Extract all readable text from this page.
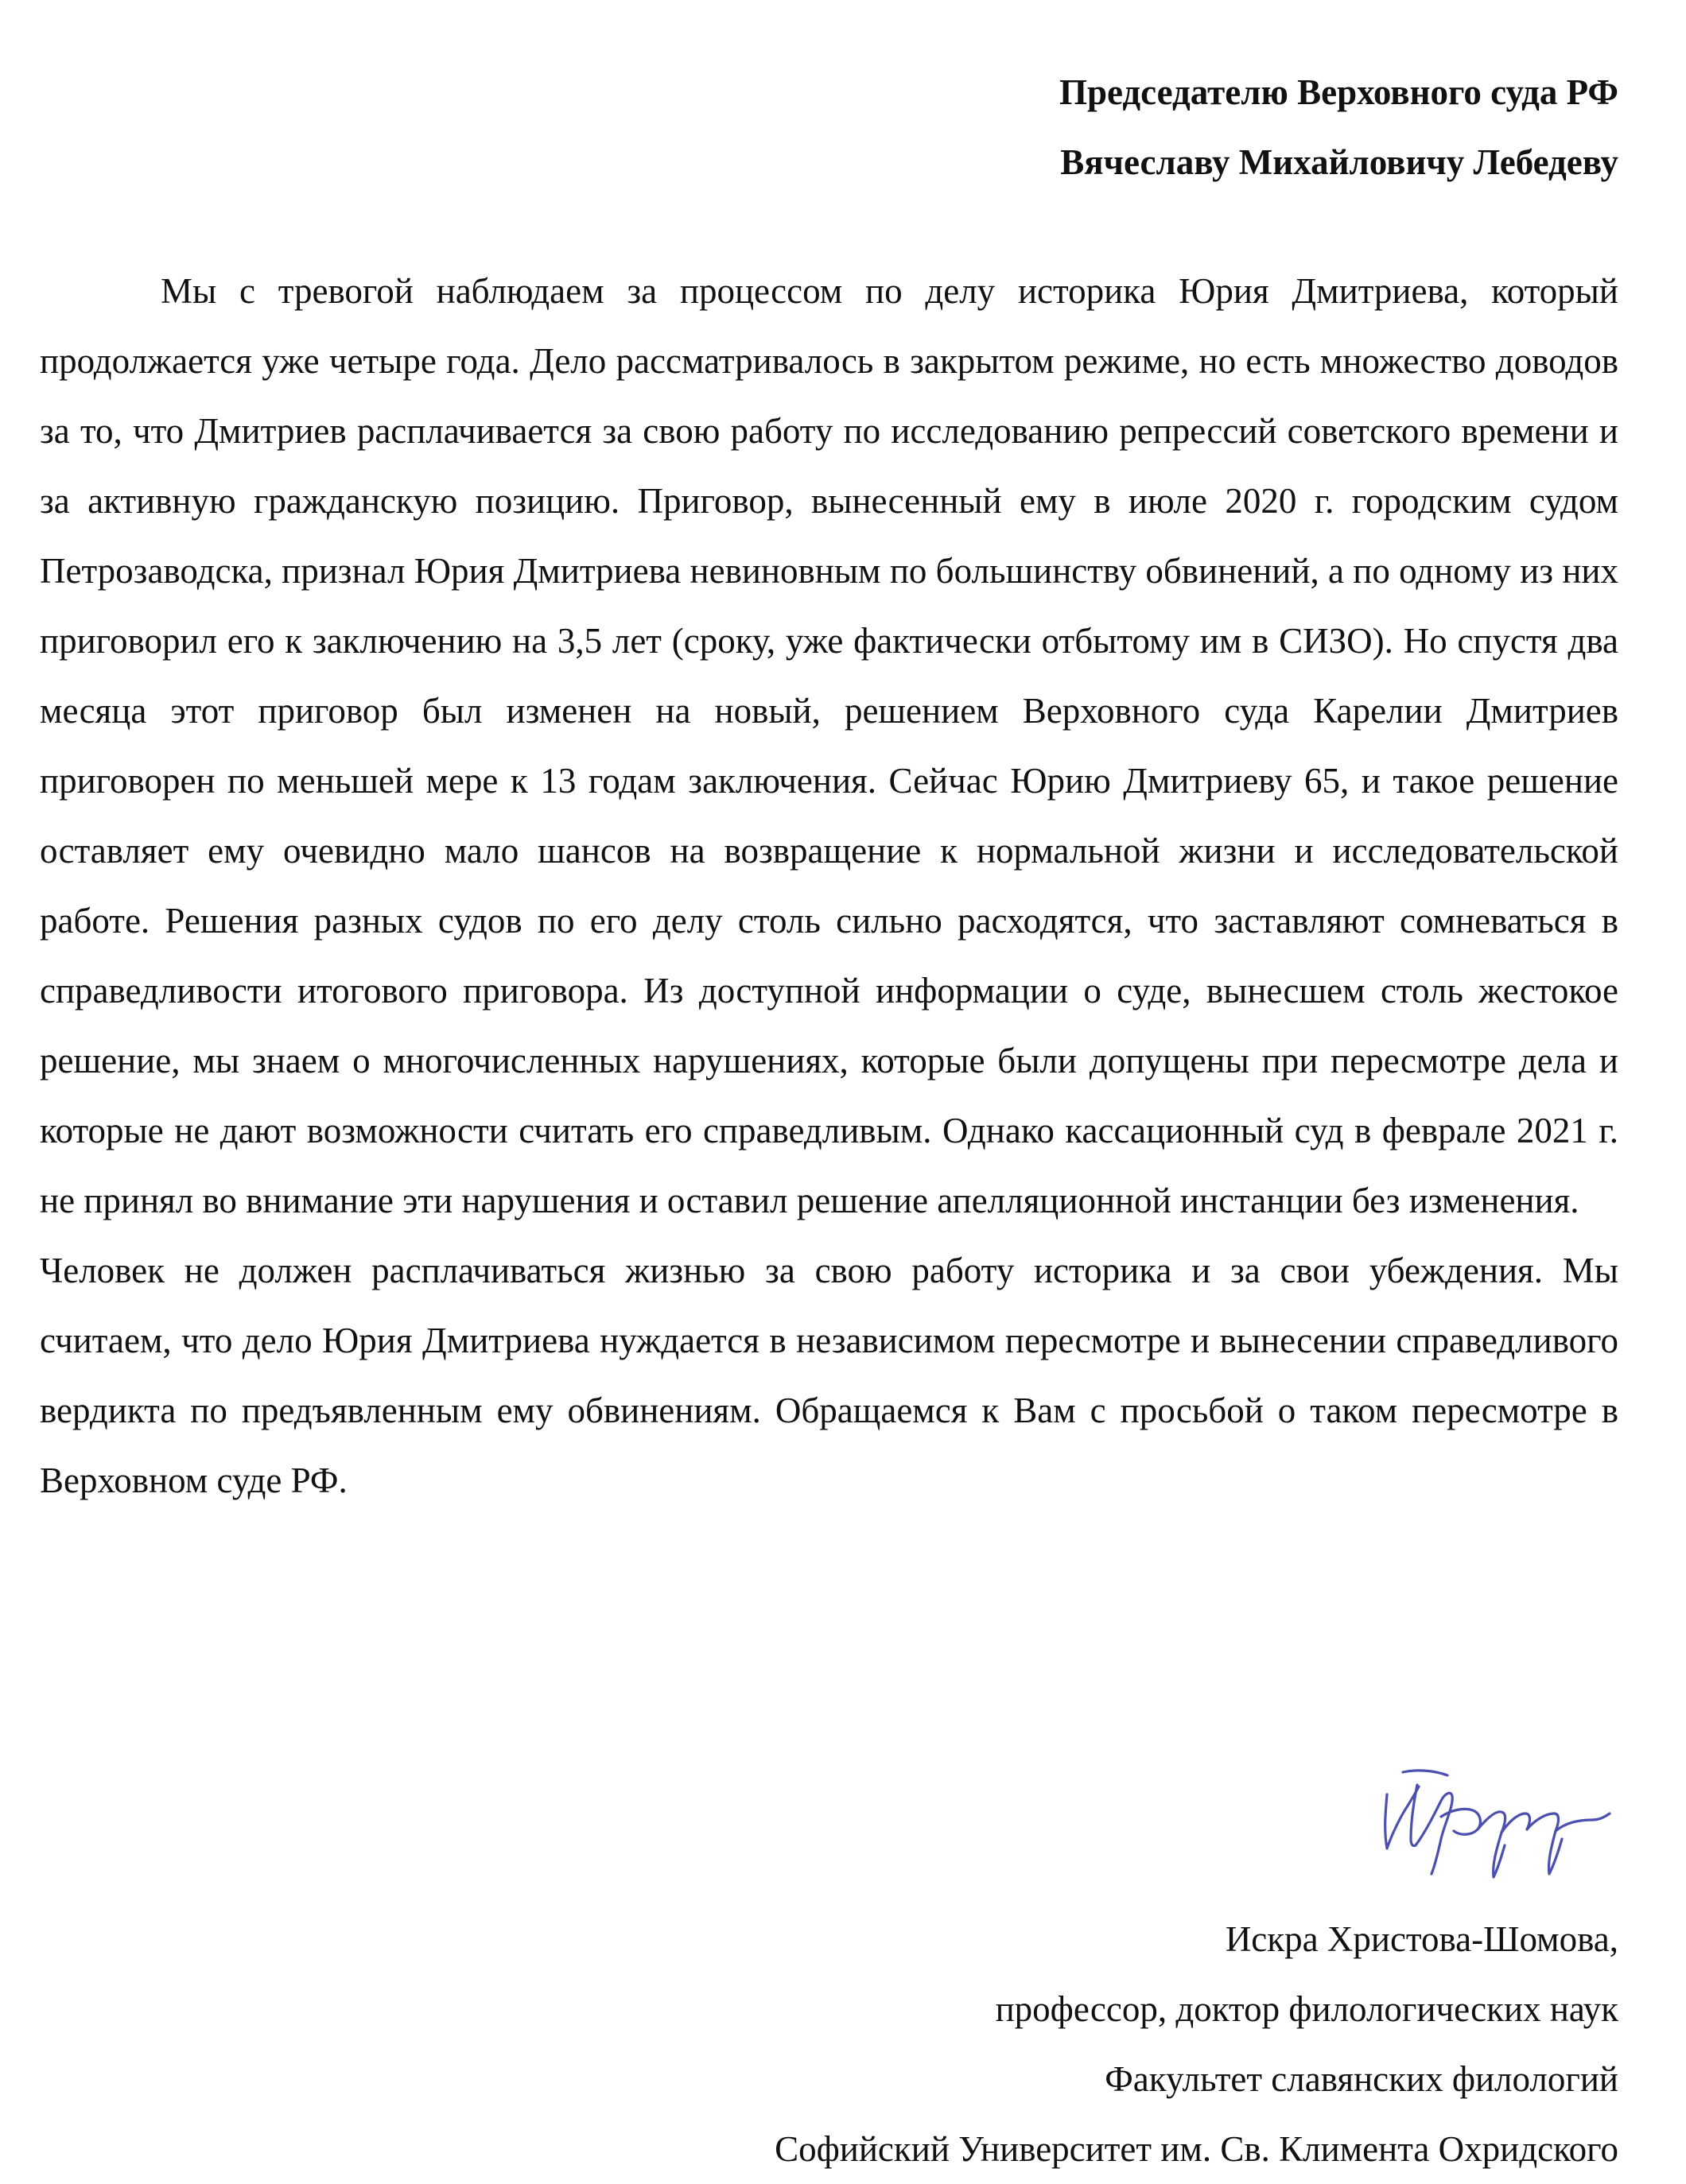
Председателю Верховного суда РФ
Вячеславу Михайловичу Лебедеву

Мы с тревогой наблюдаем за процессом по делу историка Юрия Дмитриева, который продолжается уже четыре года. Дело рассматривалось в закрытом режиме, но есть множество доводов за то, что Дмитриев расплачивается за свою работу по исследованию репрессий советского времени и за активную гражданскую позицию. Приговор, вынесенный ему в июле 2020 г. городским судом Петрозаводска, признал Юрия Дмитриева невиновным по большинству обвинений, а по одному из них приговорил его к заключению на 3,5 лет (сроку, уже фактически отбытому им в СИЗО). Но спустя два месяца этот приговор был изменен на новый, решением Верховного суда Карелии Дмитриев приговорен по меньшей мере к 13 годам заключения. Сейчас Юрию Дмитриеву 65, и такое решение оставляет ему очевидно мало шансов на возвращение к нормальной жизни и исследовательской работе. Решения разных судов по его делу столь сильно расходятся, что заставляют сомневаться в справедливости итогового приговора. Из доступной информации о суде, вынесшем столь жестокое решение, мы знаем о многочисленных нарушениях, которые были допущены при пересмотре дела и которые не дают возможности считать его справедливым. Однако кассационный суд в феврале 2021 г. не принял во внимание эти нарушения и оставил решение апелляционной инстанции без изменения.

Человек не должен расплачиваться жизнью за свою работу историка и за свои убеждения. Мы считаем, что дело Юрия Дмитриева нуждается в независимом пересмотре и вынесении справедливого вердикта по предъявленным ему обвинениям. Обращаемся к Вам с просьбой о таком пересмотре в Верховном суде РФ.

Искра Христова-Шомова,
профессор, доктор филологических наук
Факультет славянских филологий
Софийский Университет им. Св. Климента Охридского
